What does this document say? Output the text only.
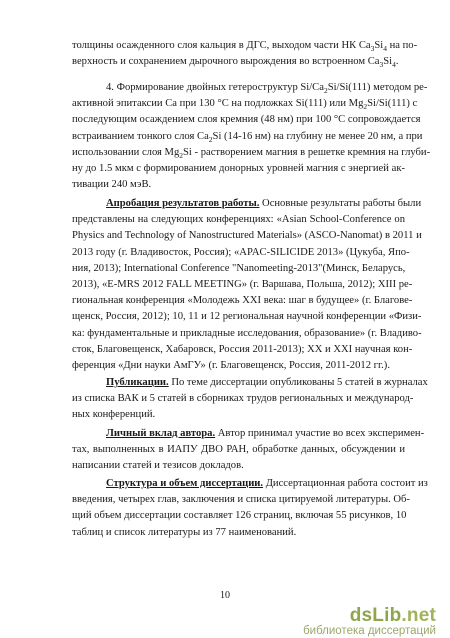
толщины осажденного слоя кальция в ДГС, выходом части НК $Ca_3Si_4$ на по-
верхность и сохранением дырочного вырождения во встроенном $Ca_3Si_4$.
4. Формирование двойных гетероструктур $Si/Ca_2Si/Si(111)$ методом ре-
активной эпитаксии Ca при 130 °C на подложках Si(111) или $Mg_2Si/Si(111)$ с
последующим осаждением слоя кремния (48 нм) при 100 °C сопровождается
встраиванием тонкого слоя $Ca_2Si$ (14-16 нм) на глубину не менее 20 нм, а при
использовании слоя $Mg_2Si$ - растворением магния в решетке кремния на глуби-
ну до 1.5 мкм с формированием донорных уровней магния с энергией ак-
тивации 240 мэВ.
Апробация результатов работы. Основные результаты работы были
представлены на следующих конференциях: «Asian School-Conference on
Physics and Technology of Nanostructured Materials» (ASCO-Nanomat) в 2011 и
2013 году (г. Владивосток, Россия); «APAC-SILICIDE 2013» (Цукуба, Япо-
ния, 2013); International Conference "Nanomeeting-2013"(Минск, Беларусь,
2013), «E-MRS 2012 FALL MEETING» (г. Варшава, Польша, 2012); XIII ре-
гиональная конференция «Молодежь XXI века: шаг в будущее» (г. Благове-
щенск, Россия, 2012); 10, 11 и 12 региональная научной конференции «Физи-
ка: фундаментальные и прикладные исследования, образование» (г. Владиво-
сток, Благовещенск, Хабаровск, Россия 2011-2013); XX и XXI научная кон-
ференция «Дни науки АмГУ» (г. Благовещенск, Россия, 2011-2012 гг.).
Публикации. По теме диссертации опубликованы 5 статей в журналах
из списка ВАК и 5 статей в сборниках трудов региональных и международ-
ных конференций.
Личный вклад автора. Автор принимал участие во всех эксперимен-
тах, выполненных в ИАПУ ДВО РАН, обработке данных, обсуждении и
написании статей и тезисов докладов.
Структура и объем диссертации. Диссертационная работа состоит из
введения, четырех глав, заключения и списка цитируемой литературы. Об-
щий объем диссертации составляет 126 страниц, включая 55 рисунков, 10
таблиц и список литературы из 77 наименований.
10
dsLib.net
библиотека диссертаций
